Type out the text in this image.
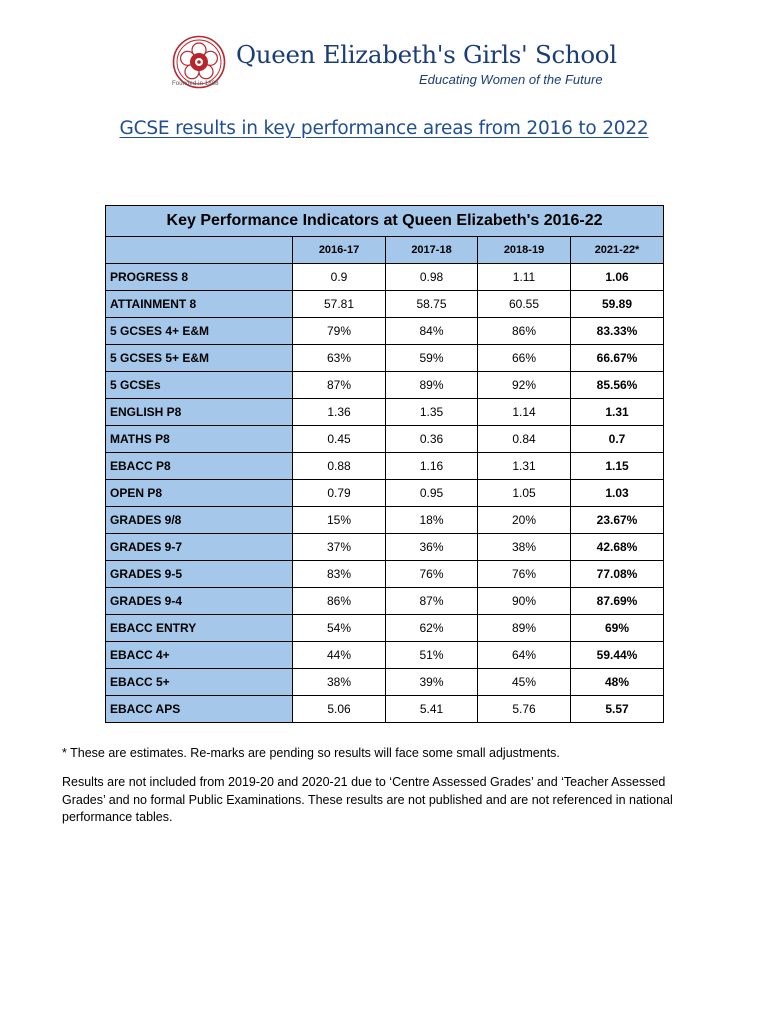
Founded in 1888
Queen Elizabeth's Girls' School
Educating Women of the Future
GCSE results in key performance areas from 2016 to 2022
Key Performance Indicators at Queen Elizabeth's 2016-22				
	2016-17	2017-18	2018-19	2021-22*
PROGRESS 8	0.9	0.98	1.11	1.06
ATTAINMENT 8	57.81	58.75	60.55	59.89
5 GCSES 4+ E&M	79%	84%	86%	83.33%
5 GCSES 5+ E&M	63%	59%	66%	66.67%
5 GCSEs	87%	89%	92%	85.56%
ENGLISH P8	1.36	1.35	1.14	1.31
MATHS P8	0.45	0.36	0.84	0.7
EBACC P8	0.88	1.16	1.31	1.15
OPEN P8	0.79	0.95	1.05	1.03
GRADES 9/8	15%	18%	20%	23.67%
GRADES 9-7	37%	36%	38%	42.68%
GRADES 9-5	83%	76%	76%	77.08%
GRADES 9-4	86%	87%	90%	87.69%
EBACC ENTRY	54%	62%	89%	69%
EBACC 4+	44%	51%	64%	59.44%
EBACC 5+	38%	39%	45%	48%
EBACC APS	5.06	5.41	5.76	5.57
* These are estimates. Re-marks are pending so results will face some small adjustments.
Results are not included from 2019-20 and 2020-21 due to ‘Centre Assessed Grades’ and ‘Teacher Assessed Grades’ and no formal Public Examinations. These results are not published and are not referenced in national performance tables.
